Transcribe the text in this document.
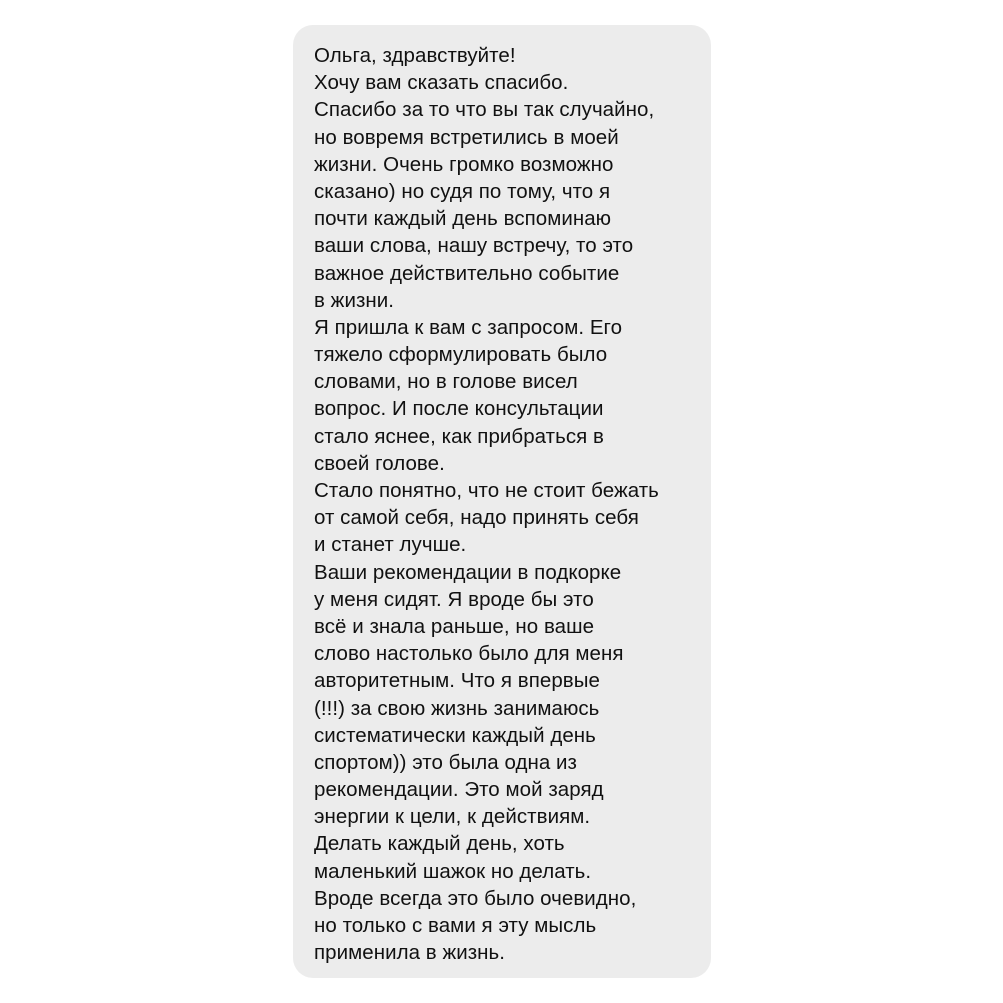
Ольга, здравствуйте!
Хочу вам сказать спасибо.
Спасибо за то что вы так случайно,
но вовремя встретились в моей
жизни. Очень громко возможно
сказано) но судя по тому, что я
почти каждый день вспоминаю
ваши слова, нашу встречу, то это
важное действительно событие
в жизни.
Я пришла к вам с запросом. Его
тяжело сформулировать было
словами, но в голове висел
вопрос. И после консультации
стало яснее, как прибраться в
своей голове.
Стало понятно, что не стоит бежать
от самой себя, надо принять себя
и станет лучше.
Ваши рекомендации в подкорке
у меня сидят. Я вроде бы это
всё и знала раньше, но ваше
слово настолько было для меня
авторитетным. Что я впервые
(!!!) за свою жизнь занимаюсь
систематически каждый день
спортом)) это была одна из
рекомендации. Это мой заряд
энергии к цели, к действиям.
Делать каждый день, хоть
маленький шажок но делать.
Вроде всегда это было очевидно,
но только с вами я эту мысль
применила в жизнь.
